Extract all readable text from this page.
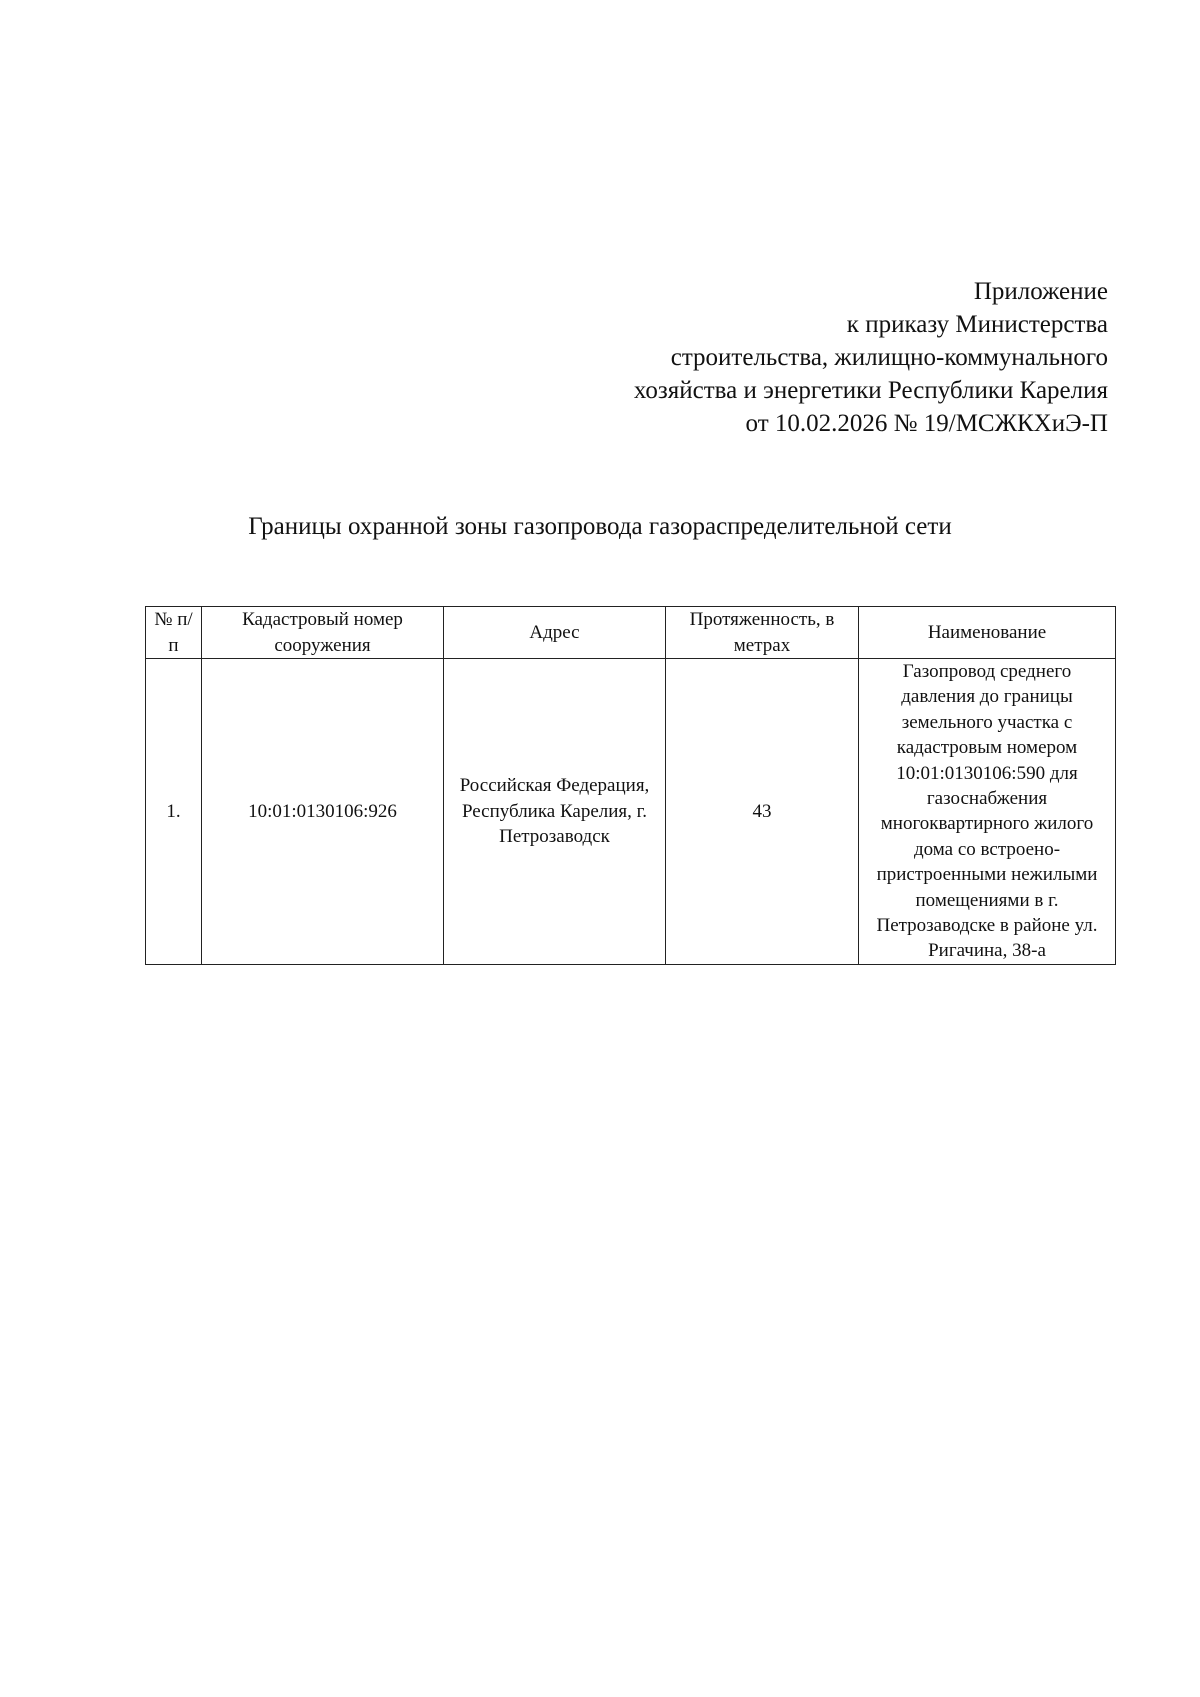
Приложение
к приказу Министерства
строительства, жилищно-коммунального
хозяйства и энергетики Республики Карелия
от 10.02.2026 № 19/МСЖКХиЭ-П
Границы охранной зоны газопровода газораспределительной сети
№ п/п	Кадастровый номер сооружения	Адрес	Протяженность, в метрах	Наименование
1.	10:01:0130106:926	Российская Федерация, Республика Карелия, г. Петрозаводск	43	Газопровод среднего давления до границы земельного участка с кадастровым номером 10:01:0130106:590 для газоснабжения многоквартирного жилого дома со встроено-пристроенными нежилыми помещениями в г. Петрозаводске в районе ул. Ригачина, 38-а
